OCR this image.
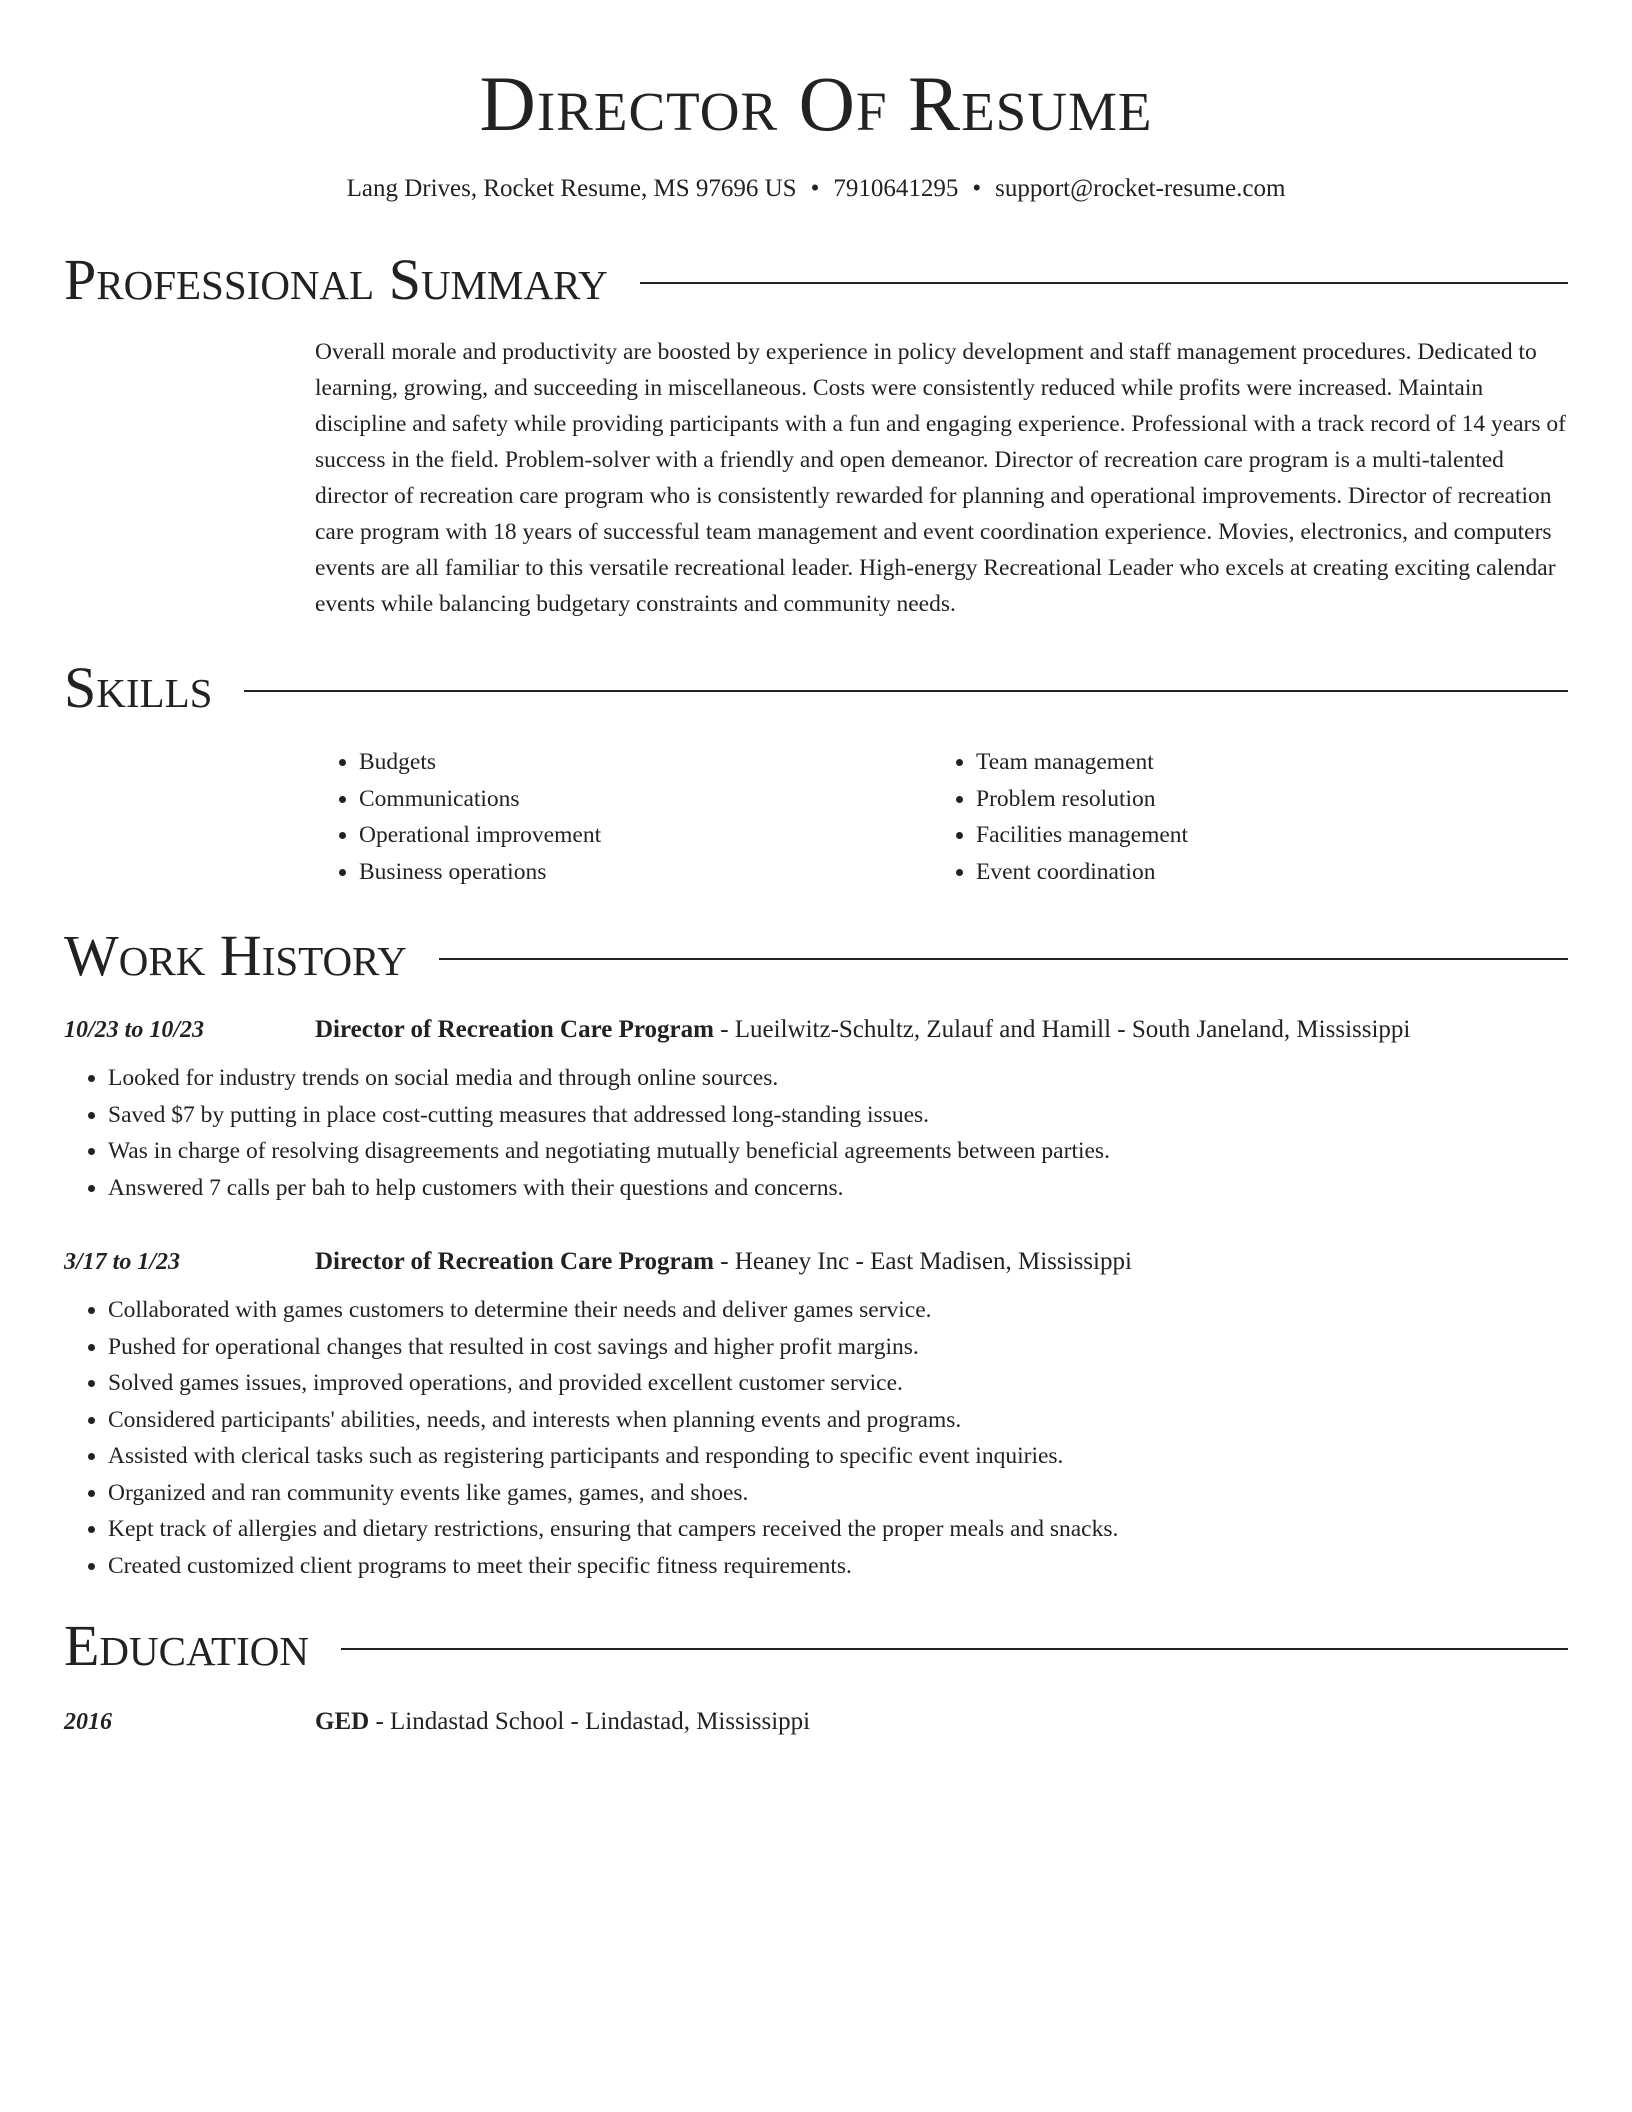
Director Of Resume
Lang Drives, Rocket Resume, MS 97696 US • 7910641295 • support@rocket-resume.com
Professional Summary
Overall morale and productivity are boosted by experience in policy development and staff management procedures. Dedicated to learning, growing, and succeeding in miscellaneous. Costs were consistently reduced while profits were increased. Maintain discipline and safety while providing participants with a fun and engaging experience. Professional with a track record of 14 years of success in the field. Problem-solver with a friendly and open demeanor. Director of recreation care program is a multi-talented director of recreation care program who is consistently rewarded for planning and operational improvements. Director of recreation care program with 18 years of successful team management and event coordination experience. Movies, electronics, and computers events are all familiar to this versatile recreational leader. High-energy Recreational Leader who excels at creating exciting calendar events while balancing budgetary constraints and community needs.
Skills
• Budgets
• Communications
• Operational improvement
• Business operations
• Team management
• Problem resolution
• Facilities management
• Event coordination
Work History
10/23 to 10/23	Director of Recreation Care Program - Lueilwitz-Schultz, Zulauf and Hamill - South Janeland, Mississippi
• Looked for industry trends on social media and through online sources.
• Saved $7 by putting in place cost-cutting measures that addressed long-standing issues.
• Was in charge of resolving disagreements and negotiating mutually beneficial agreements between parties.
• Answered 7 calls per bah to help customers with their questions and concerns.
3/17 to 1/23	Director of Recreation Care Program - Heaney Inc - East Madisen, Mississippi
• Collaborated with games customers to determine their needs and deliver games service.
• Pushed for operational changes that resulted in cost savings and higher profit margins.
• Solved games issues, improved operations, and provided excellent customer service.
• Considered participants' abilities, needs, and interests when planning events and programs.
• Assisted with clerical tasks such as registering participants and responding to specific event inquiries.
• Organized and ran community events like games, games, and shoes.
• Kept track of allergies and dietary restrictions, ensuring that campers received the proper meals and snacks.
• Created customized client programs to meet their specific fitness requirements.
Education
2016	GED - Lindastad School - Lindastad, Mississippi
